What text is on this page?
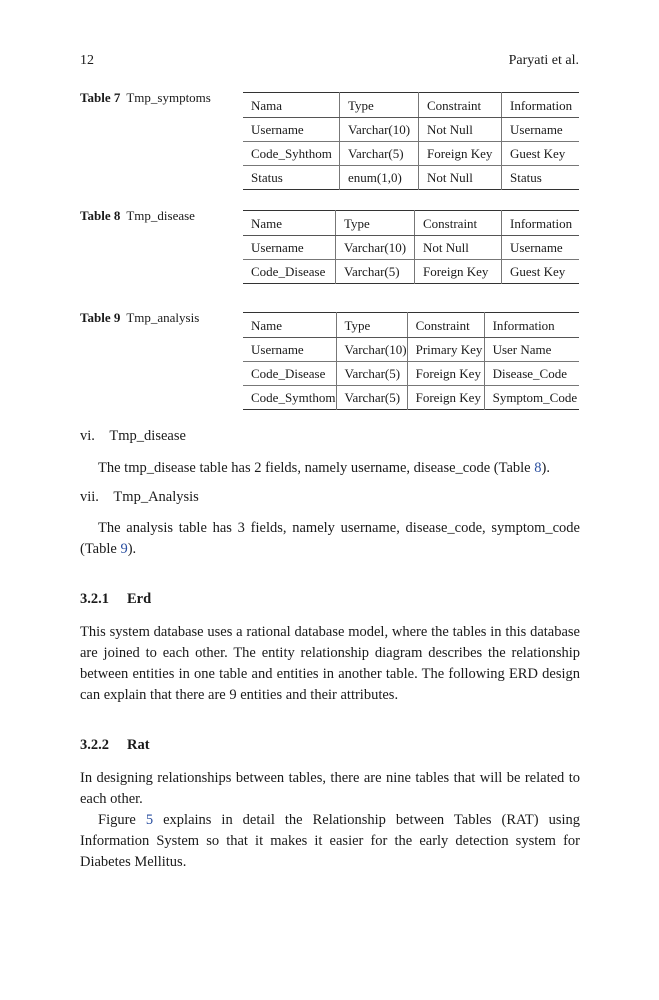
12	Paryati et al.
Table 7 Tmp_symptoms	Nama	Type	Constraint	Information
Username	Varchar(10)	Not Null	Username
Code_Syhthom	Varchar(5)	Foreign Key	Guest Key
Status	enum(1,0)	Not Null	Status
Table 8 Tmp_disease	Name	Type	Constraint	Information
Username	Varchar(10)	Not Null	Username
Code_Disease	Varchar(5)	Foreign Key	Guest Key
Table 9 Tmp_analysis	Name	Type	Constraint	Information
Username	Varchar(10)	Primary Key	User Name
Code_Disease	Varchar(5)	Foreign Key	Disease_Code
Code_Symthom	Varchar(5)	Foreign Key	Symptom_Code
vi. Tmp_disease
The tmp_disease table has 2 fields, namely username, disease_code (Table 8).
vii. Tmp_Analysis
The analysis table has 3 fields, namely username, disease_code, symptom_code (Table 9).
3.2.1 Erd
This system database uses a rational database model, where the tables in this database are joined to each other. The entity relationship diagram describes the relationship between entities in one table and entities in another table. The following ERD design can explain that there are 9 entities and their attributes.
3.2.2 Rat
In designing relationships between tables, there are nine tables that will be related to each other.
Figure 5 explains in detail the Relationship between Tables (RAT) using Information System so that it makes it easier for the early detection system for Diabetes Mellitus.
